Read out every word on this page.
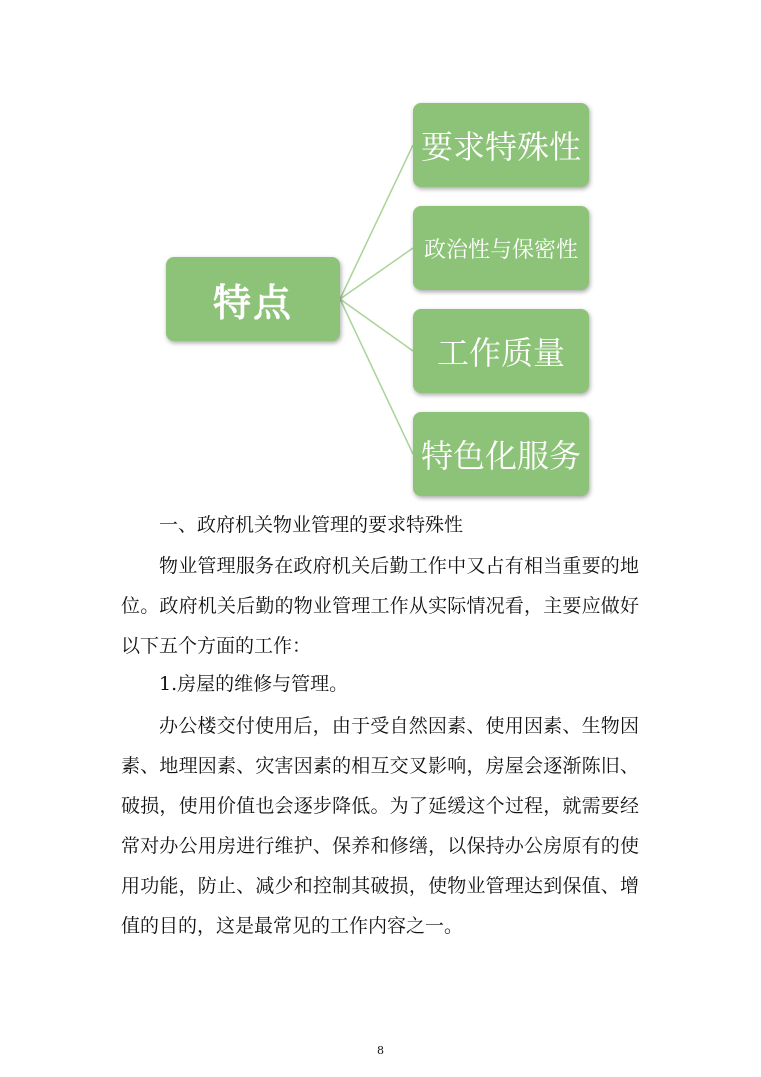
特点
要求特殊性
政治性与保密性
工作质量
特色化服务
一、政府机关物业管理的要求特殊性

物业管理服务在政府机关后勤工作中又占有相当重要的地位。政府机关后勤的物业管理工作从实际情况看，主要应做好以下五个方面的工作：

1.房屋的维修与管理。

办公楼交付使用后，由于受自然因素、使用因素、生物因素、地理因素、灾害因素的相互交叉影响，房屋会逐渐陈旧、破损，使用价值也会逐步降低。为了延缓这个过程，就需要经常对办公用房进行维护、保养和修缮，以保持办公房原有的使用功能，防止、减少和控制其破损，使物业管理达到保值、增值的目的，这是最常见的工作内容之一。

8
